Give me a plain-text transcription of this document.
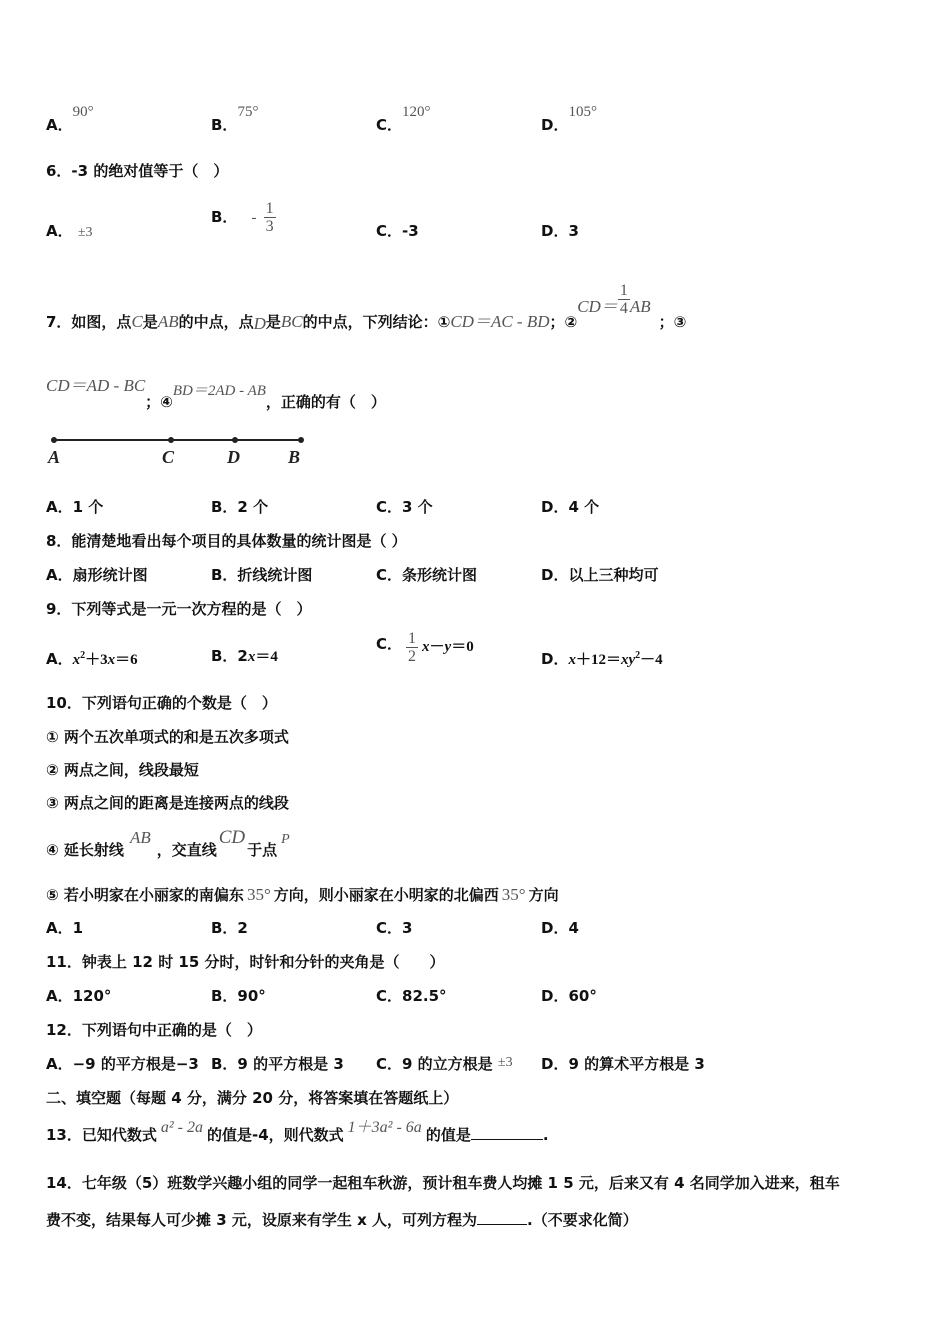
A．90°
B．75°
C．120°
D．105°
6．-3 的绝对值等于（　）
A． ±3
B． - $\frac{1}{3}$	C．-3	D．3
7．如图，点C是AB的中点，点D是BC的中点，下列结论：①CD＝AC - BD；②CD＝ $\frac{1}{4}$ AB；③
CD＝AD - BC；④BD＝2AD - AB，正确的有（　）
A	C	D	B
A．1 个	B．2 个	C．3 个	D．4 个
8．能清楚地看出每个项目的具体数量的统计图是（ ）
A．扇形统计图	B．折线统计图	C．条形统计图	D．以上三种均可
9．下列等式是一元一次方程的是（　）
A．$x^2+3x=6$	B．2x＝4
C． $\frac{1}{2} x-y=0$
D．$x+12=xy^2-4$
10．下列语句正确的个数是（　）
① 两个五次单项式的和是五次多项式
② 两点之间，线段最短
③ 两点之间的距离是连接两点的线段
④ 延长射线AB，交直线CD于点P
⑤ 若小明家在小丽家的南偏东 35° 方向，则小丽家在小明家的北偏西 35° 方向
A．1	B．2	C．3	D．4
11．钟表上 12 时 15 分时，时针和分针的夹角是（　　）
A．120°	B．90°	C．82.5°	D．60°
12．下列语句中正确的是（　）
A．−9 的平方根是−3 B．9 的平方根是 3 C．9 的立方根是 ±3 D．9 的算术平方根是 3
二、填空题（每题 4 分，满分 20 分，将答案填在答题纸上）
13．已知代数式 a² - 2a 的值是-4，则代数式 1＋3a² - 6a 的值是	.
14．七年级（5）班数学兴趣小组的同学一起租车秋游，预计租车费人均摊 1 5 元，后来又有 4 名同学加入进来，租车
费不变，结果每人可少摊 3 元，设原来有学生 x 人，可列方程为	.（不要求化简）
